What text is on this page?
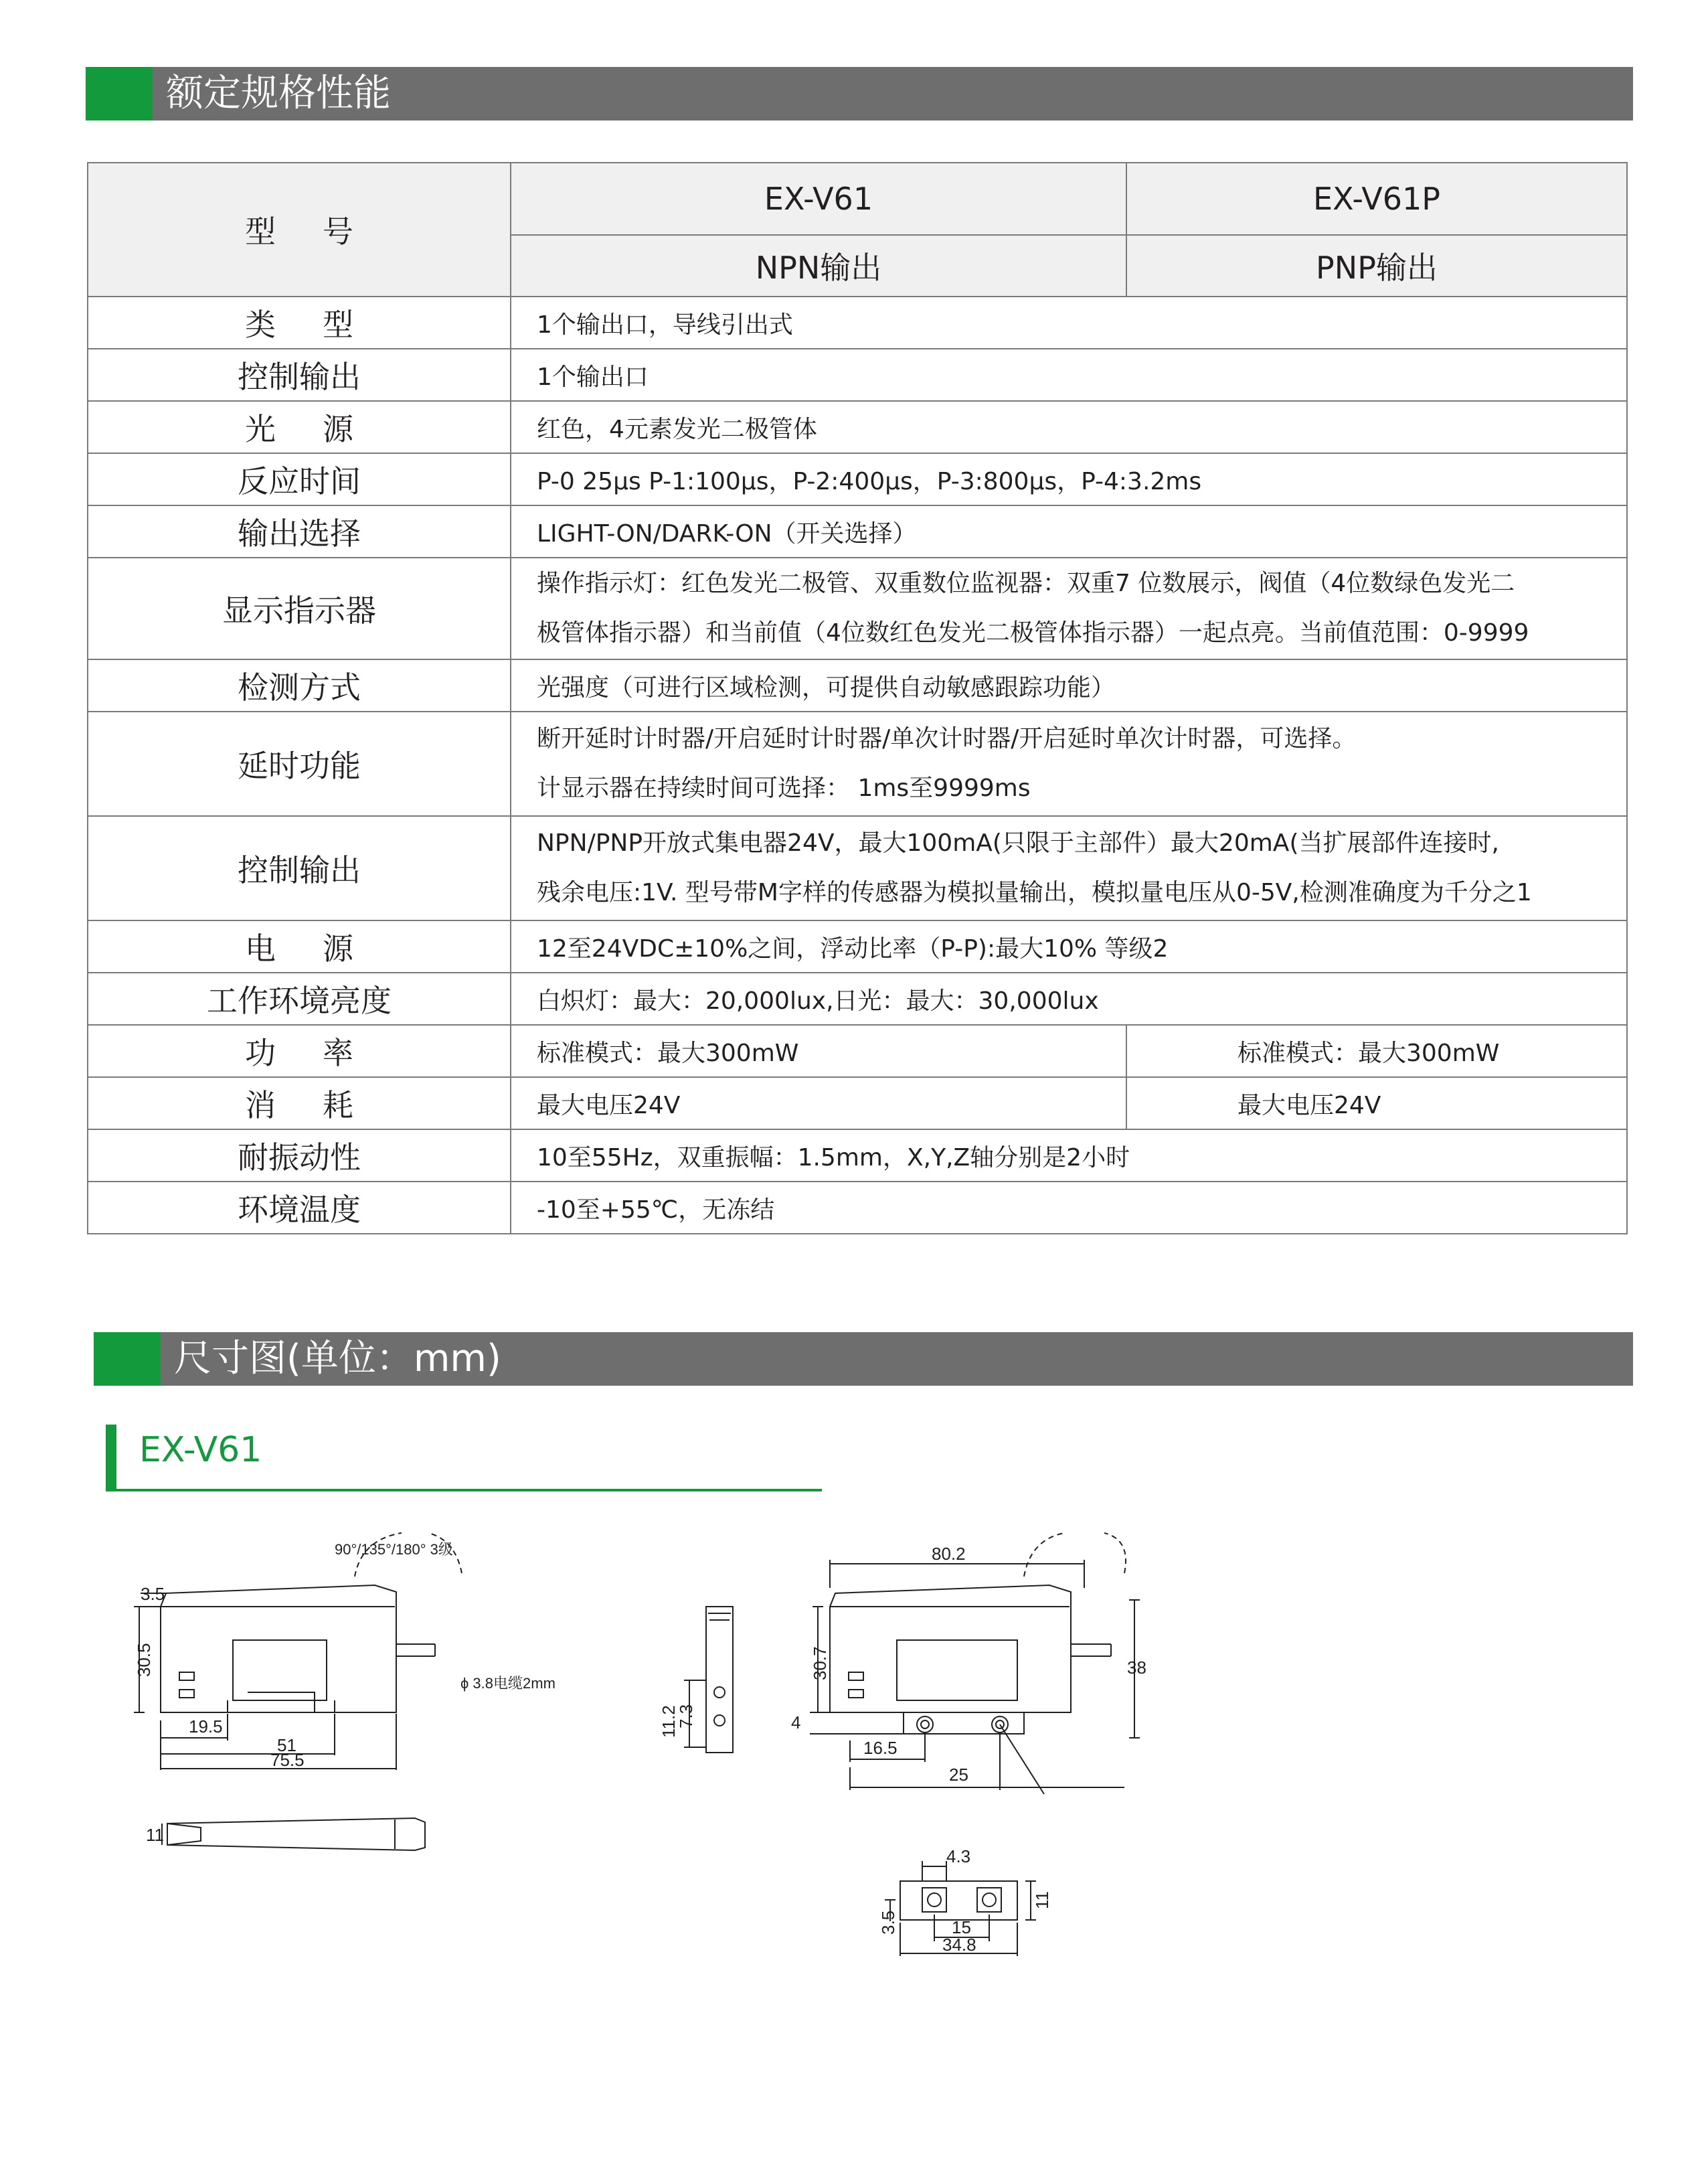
额定规格性能
型 号	EX-V61	EX-V61P
	NPN输出	PNP输出
类 型	1个输出口，导线引出式	
控制输出	1个输出口	
光 源	红色，4元素发光二极管体	
反应时间	P-0 25μs P-1:100μs，P-2:400μs，P-3:800μs，P-4:3.2ms	
输出选择	LIGHT-ON/DARK-ON（开关选择）	
显示指示器	操作指示灯：红色发光二极管、双重数位监视器：双重7 位数展示，阀值（4位数绿色发光二
极管体指示器）和当前值（4位数红色发光二极管体指示器）一起点亮。当前值范围：0-9999	

检测方式	光强度（可进行区域检测，可提供自动敏感跟踪功能）	
延时功能	断开延时计时器/开启延时计时器/单次计时器/开启延时单次计时器，可选择。
计显示器在持续时间可选择： 1ms至9999ms	

控制输出	NPN/PNP开放式集电器24V，最大100mA(只限于主部件）最大20mA(当扩展部件连接时,
残余电压:1V. 型号带M字样的传感器为模拟量输出，模拟量电压从0-5V,检测准确度为千分之1	

电 源	12至24VDC±10%之间，浮动比率（P-P):最大10% 等级2	
工作环境亮度	白炽灯：最大：20,000lux,日光：最大：30,000lux	
功 率	标准模式：最大300mW	标准模式：最大300mW
消 耗	最大电压24V	最大电压24V
耐振动性	10至55Hz，双重振幅：1.5mm，X,Y,Z轴分别是2小时	
环境温度	-10至+55℃，无冻结	
尺寸图(单位：mm)
EX-V61
90°/135°/180° 3级
3.5
30.5
ϕ 3.8电缆2mm
19.5
51
75.5
11
11.2
7.3
80.2
30.7	38
4
16.5
25
4.3
3.5	15
11
34.8
